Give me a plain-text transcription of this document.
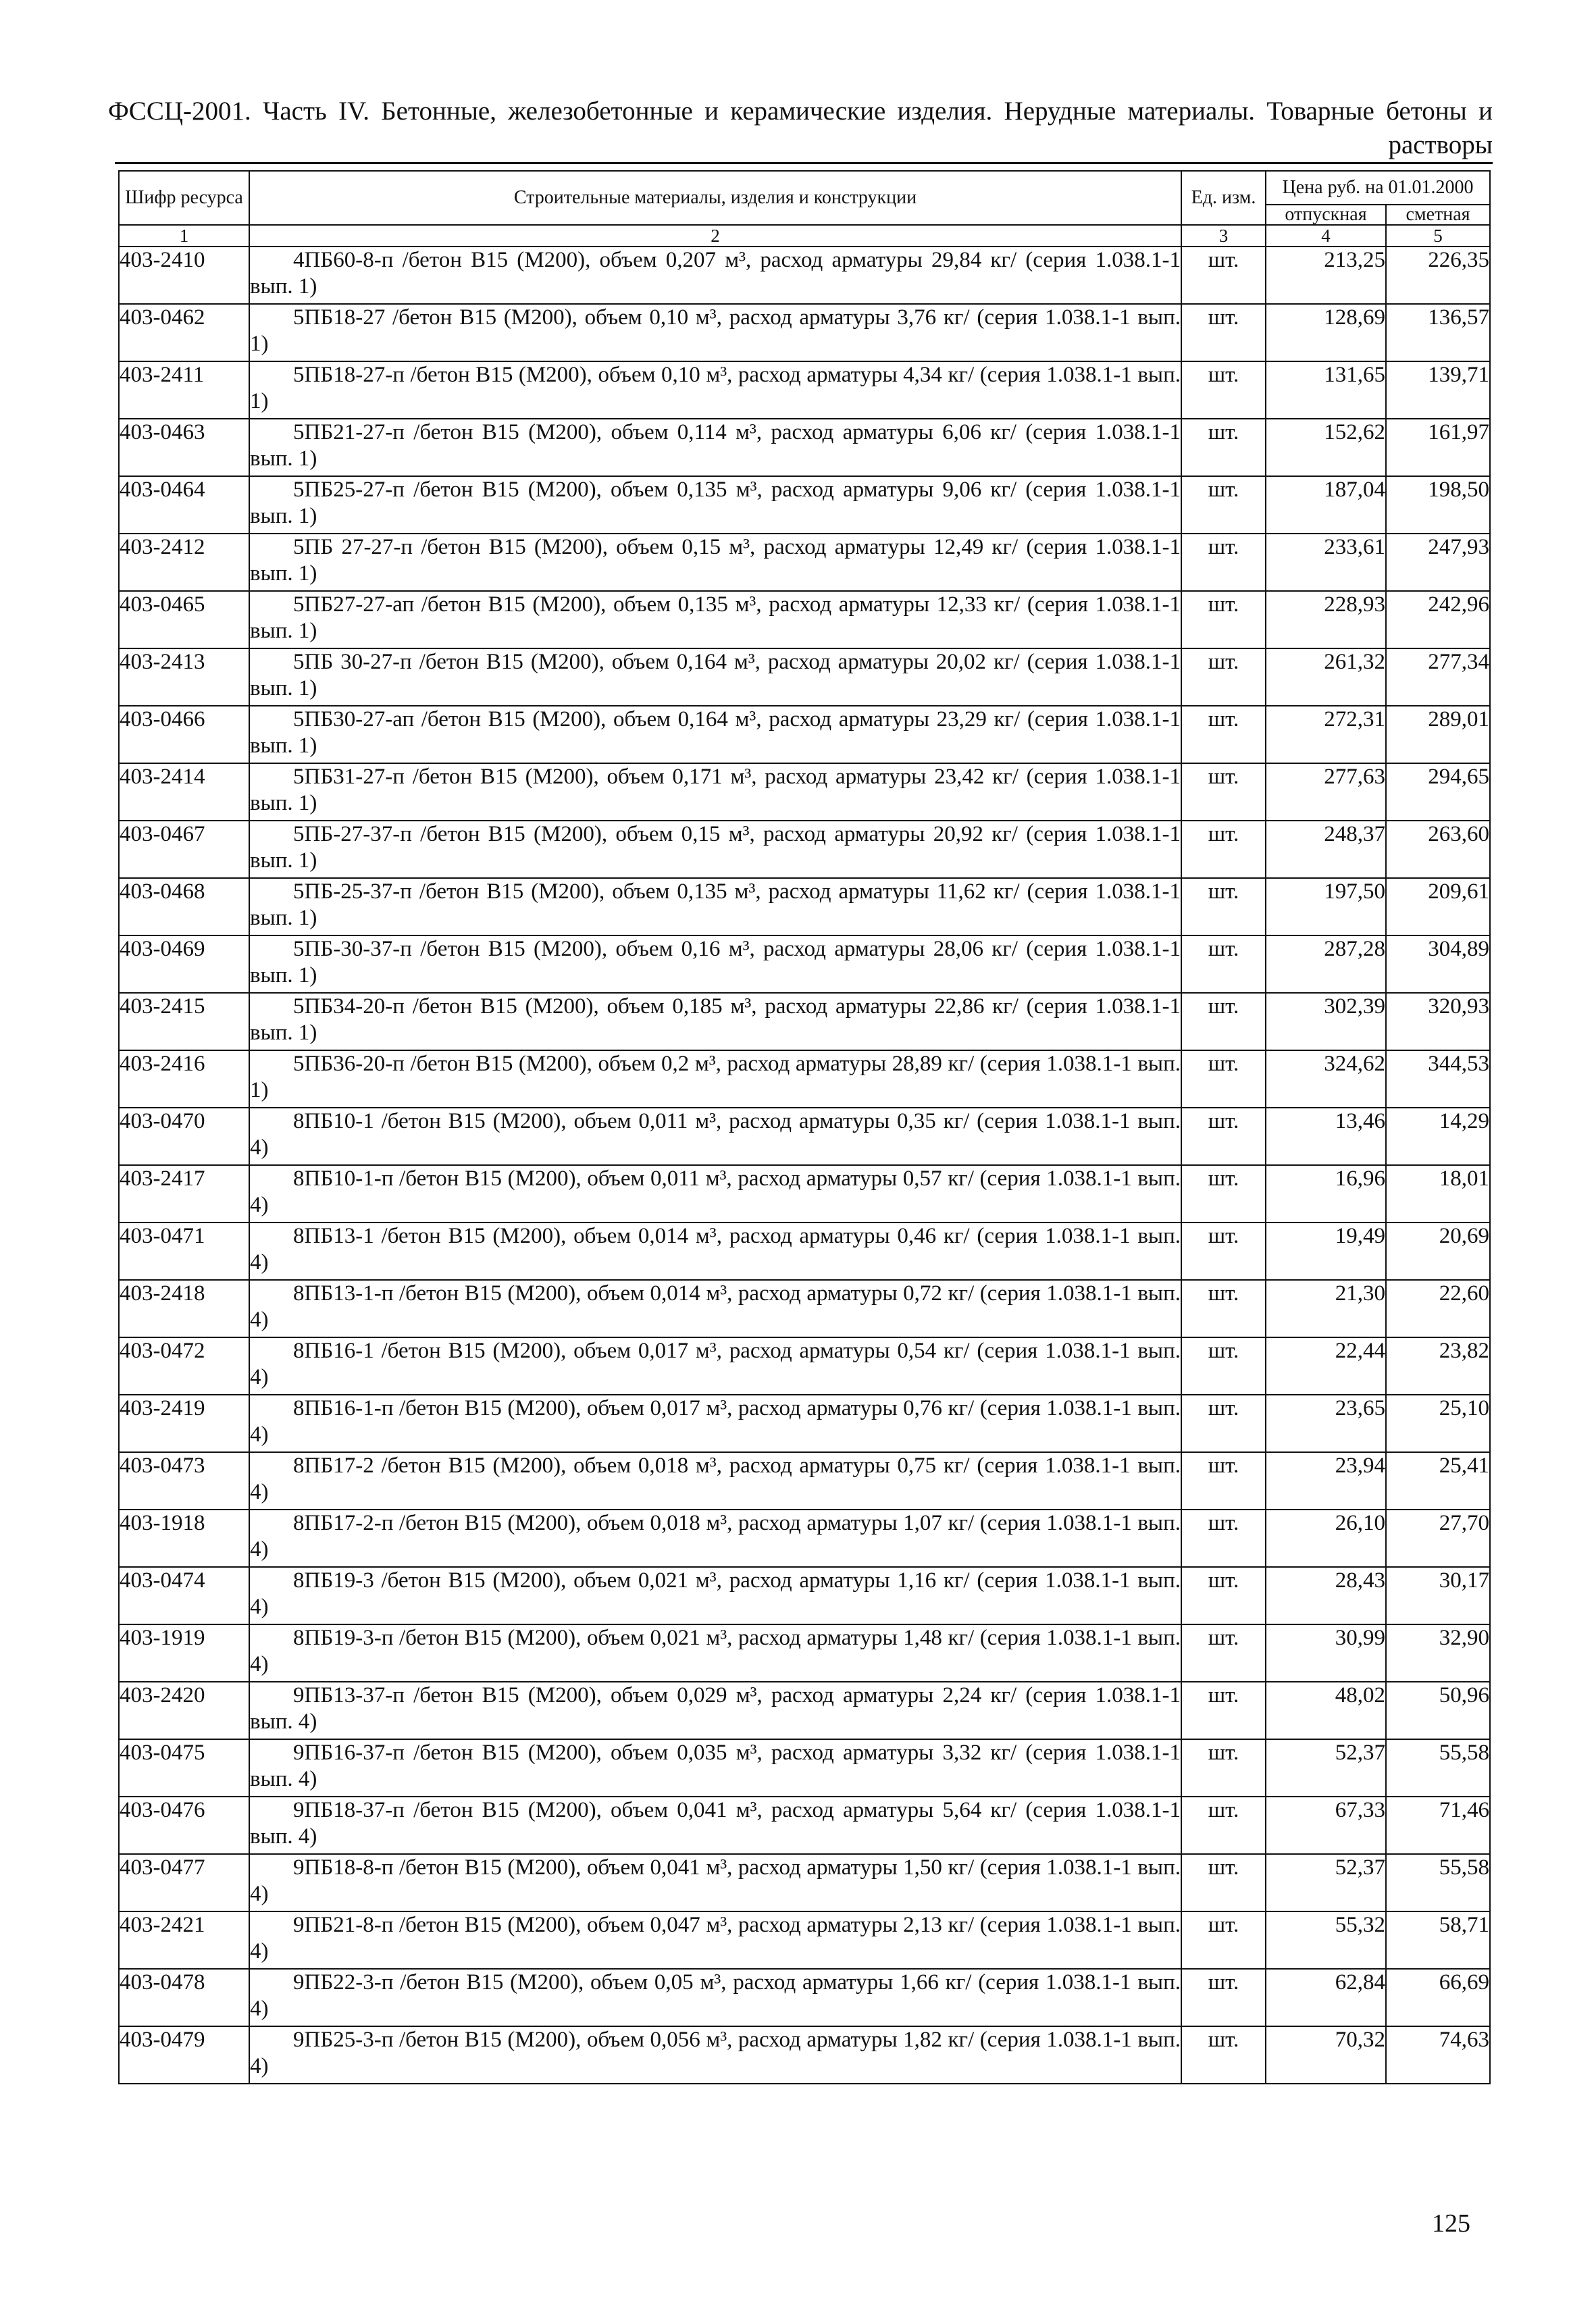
ФССЦ-2001. Часть IV. Бетонные, железобетонные и керамические изделия. Нерудные материалы. Товарные бетоны и растворы
Шифр ресурса	Строительные материалы, изделия и конструкции	Ед. изм.	Цена руб. на 01.01.2000	
			отпускная	сметная
1	2	3	4	5
403-2410	4ПБ60-8-п /бетон В15 (М200), объем 0,207 м³, расход арматуры 29,84 кг/ (серия 1.038.1-1 вып. 1)	шт.	213,25	226,35
403-0462	5ПБ18-27 /бетон В15 (М200), объем 0,10 м³, расход арматуры 3,76 кг/ (серия 1.038.1-1 вып. 1)	шт.	128,69	136,57
403-2411	5ПБ18-27-п /бетон В15 (М200), объем 0,10 м³, расход арматуры 4,34 кг/ (серия 1.038.1-1 вып. 1)	шт.	131,65	139,71
403-0463	5ПБ21-27-п /бетон В15 (М200), объем 0,114 м³, расход арматуры 6,06 кг/ (серия 1.038.1-1 вып. 1)	шт.	152,62	161,97
403-0464	5ПБ25-27-п /бетон В15 (М200), объем 0,135 м³, расход арматуры 9,06 кг/ (серия 1.038.1-1 вып. 1)	шт.	187,04	198,50
403-2412	5ПБ 27-27-п /бетон В15 (М200), объем 0,15 м³, расход арматуры 12,49 кг/ (серия 1.038.1-1 вып. 1)	шт.	233,61	247,93
403-0465	5ПБ27-27-ап /бетон В15 (М200), объем 0,135 м³, расход арматуры 12,33 кг/ (серия 1.038.1-1 вып. 1)	шт.	228,93	242,96
403-2413	5ПБ 30-27-п /бетон В15 (М200), объем 0,164 м³, расход арматуры 20,02 кг/ (серия 1.038.1-1 вып. 1)	шт.	261,32	277,34
403-0466	5ПБ30-27-ап /бетон В15 (М200), объем 0,164 м³, расход арматуры 23,29 кг/ (серия 1.038.1-1 вып. 1)	шт.	272,31	289,01
403-2414	5ПБ31-27-п /бетон В15 (М200), объем 0,171 м³, расход арматуры 23,42 кг/ (серия 1.038.1-1 вып. 1)	шт.	277,63	294,65
403-0467	5ПБ-27-37-п /бетон В15 (М200), объем 0,15 м³, расход арматуры 20,92 кг/ (серия 1.038.1-1 вып. 1)	шт.	248,37	263,60
403-0468	5ПБ-25-37-п /бетон В15 (М200), объем 0,135 м³, расход арматуры 11,62 кг/ (серия 1.038.1-1 вып. 1)	шт.	197,50	209,61
403-0469	5ПБ-30-37-п /бетон В15 (М200), объем 0,16 м³, расход арматуры 28,06 кг/ (серия 1.038.1-1 вып. 1)	шт.	287,28	304,89
403-2415	5ПБ34-20-п /бетон В15 (М200), объем 0,185 м³, расход арматуры 22,86 кг/ (серия 1.038.1-1 вып. 1)	шт.	302,39	320,93
403-2416	5ПБ36-20-п /бетон В15 (М200), объем 0,2 м³, расход арматуры 28,89 кг/ (серия 1.038.1-1 вып. 1)	шт.	324,62	344,53
403-0470	8ПБ10-1 /бетон В15 (М200), объем 0,011 м³, расход арматуры 0,35 кг/ (серия 1.038.1-1 вып. 4)	шт.	13,46	14,29
403-2417	8ПБ10-1-п /бетон В15 (М200), объем 0,011 м³, расход арматуры 0,57 кг/ (серия 1.038.1-1 вып. 4)	шт.	16,96	18,01
403-0471	8ПБ13-1 /бетон В15 (М200), объем 0,014 м³, расход арматуры 0,46 кг/ (серия 1.038.1-1 вып. 4)	шт.	19,49	20,69
403-2418	8ПБ13-1-п /бетон В15 (М200), объем 0,014 м³, расход арматуры 0,72 кг/ (серия 1.038.1-1 вып. 4)	шт.	21,30	22,60
403-0472	8ПБ16-1 /бетон В15 (М200), объем 0,017 м³, расход арматуры 0,54 кг/ (серия 1.038.1-1 вып. 4)	шт.	22,44	23,82
403-2419	8ПБ16-1-п /бетон В15 (М200), объем 0,017 м³, расход арматуры 0,76 кг/ (серия 1.038.1-1 вып. 4)	шт.	23,65	25,10
403-0473	8ПБ17-2 /бетон В15 (М200), объем 0,018 м³, расход арматуры 0,75 кг/ (серия 1.038.1-1 вып. 4)	шт.	23,94	25,41
403-1918	8ПБ17-2-п /бетон В15 (М200), объем 0,018 м³, расход арматуры 1,07 кг/ (серия 1.038.1-1 вып. 4)	шт.	26,10	27,70
403-0474	8ПБ19-3 /бетон В15 (М200), объем 0,021 м³, расход арматуры 1,16 кг/ (серия 1.038.1-1 вып. 4)	шт.	28,43	30,17
403-1919	8ПБ19-3-п /бетон В15 (М200), объем 0,021 м³, расход арматуры 1,48 кг/ (серия 1.038.1-1 вып. 4)	шт.	30,99	32,90
403-2420	9ПБ13-37-п /бетон В15 (М200), объем 0,029 м³, расход арматуры 2,24 кг/ (серия 1.038.1-1 вып. 4)	шт.	48,02	50,96
403-0475	9ПБ16-37-п /бетон В15 (М200), объем 0,035 м³, расход арматуры 3,32 кг/ (серия 1.038.1-1 вып. 4)	шт.	52,37	55,58
403-0476	9ПБ18-37-п /бетон В15 (М200), объем 0,041 м³, расход арматуры 5,64 кг/ (серия 1.038.1-1 вып. 4)	шт.	67,33	71,46
403-0477	9ПБ18-8-п /бетон В15 (М200), объем 0,041 м³, расход арматуры 1,50 кг/ (серия 1.038.1-1 вып. 4)	шт.	52,37	55,58
403-2421	9ПБ21-8-п /бетон В15 (М200), объем 0,047 м³, расход арматуры 2,13 кг/ (серия 1.038.1-1 вып. 4)	шт.	55,32	58,71
403-0478	9ПБ22-3-п /бетон В15 (М200), объем 0,05 м³, расход арматуры 1,66 кг/ (серия 1.038.1-1 вып. 4)	шт.	62,84	66,69
403-0479	9ПБ25-3-п /бетон В15 (М200), объем 0,056 м³, расход арматуры 1,82 кг/ (серия 1.038.1-1 вып. 4)	шт.	70,32	74,63
125
